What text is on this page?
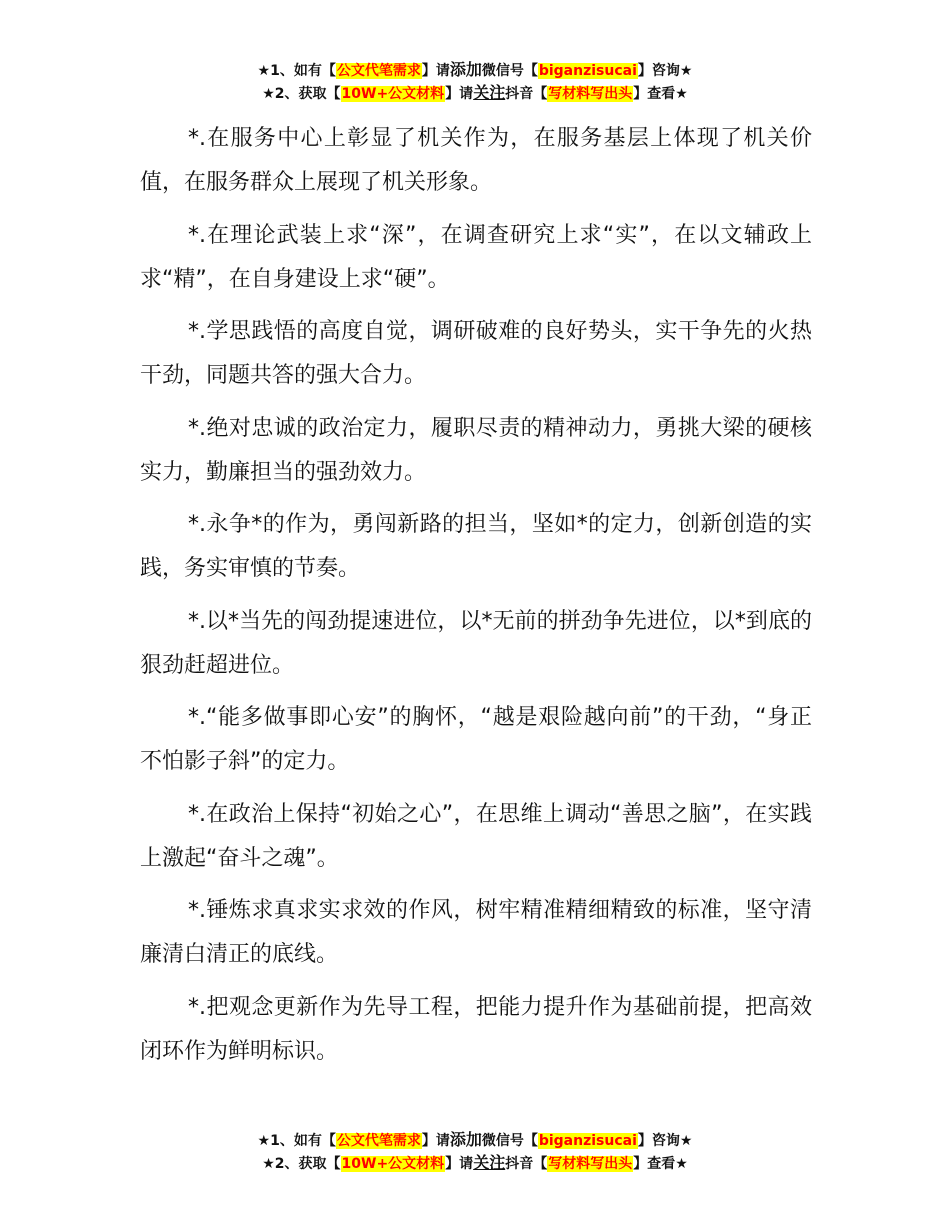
★1、如有【公文代笔需求】请添加微信号【biganzisucai】咨询★
★2、获取【10W+公文材料】请关注抖音【写材料写出头】查看★

*.在服务中心上彰显了机关作为，在服务基层上体现了机关价值，在服务群众上展现了机关形象。

*.在理论武装上求“深”，在调查研究上求“实”，在以文辅政上求“精”，在自身建设上求“硬”。

*.学思践悟的高度自觉，调研破难的良好势头，实干争先的火热干劲，同题共答的强大合力。

*.绝对忠诚的政治定力，履职尽责的精神动力，勇挑大梁的硬核实力，勤廉担当的强劲效力。

*.永争*的作为，勇闯新路的担当，坚如*的定力，创新创造的实践，务实审慎的节奏。

*.以*当先的闯劲提速进位，以*无前的拼劲争先进位，以*到底的狠劲赶超进位。

*.“能多做事即心安”的胸怀，“越是艰险越向前”的干劲，“身正不怕影子斜”的定力。

*.在政治上保持“初始之心”，在思维上调动“善思之脑”，在实践上激起“奋斗之魂”。

*.锤炼求真求实求效的作风，树牢精准精细精致的标准，坚守清廉清白清正的底线。

*.把观念更新作为先导工程，把能力提升作为基础前提，把高效闭环作为鲜明标识。

★1、如有【公文代笔需求】请添加微信号【biganzisucai】咨询★
★2、获取【10W+公文材料】请关注抖音【写材料写出头】查看★
